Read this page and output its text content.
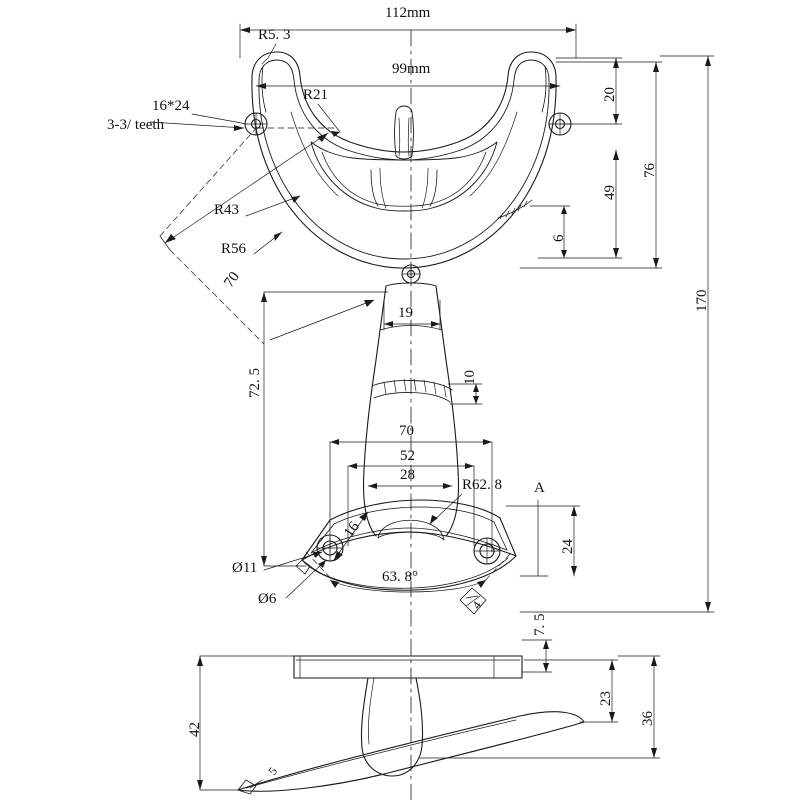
112mm
R5. 3
99mm
20
R21
16*24
3-3/ teeth
76
49
R43
6
R56
70
170
19
10
72. 5
70
52
28
R62. 8 A
16
24
Ø11
63. 8°
Ø6	4
7. 5
23
36
42
5
